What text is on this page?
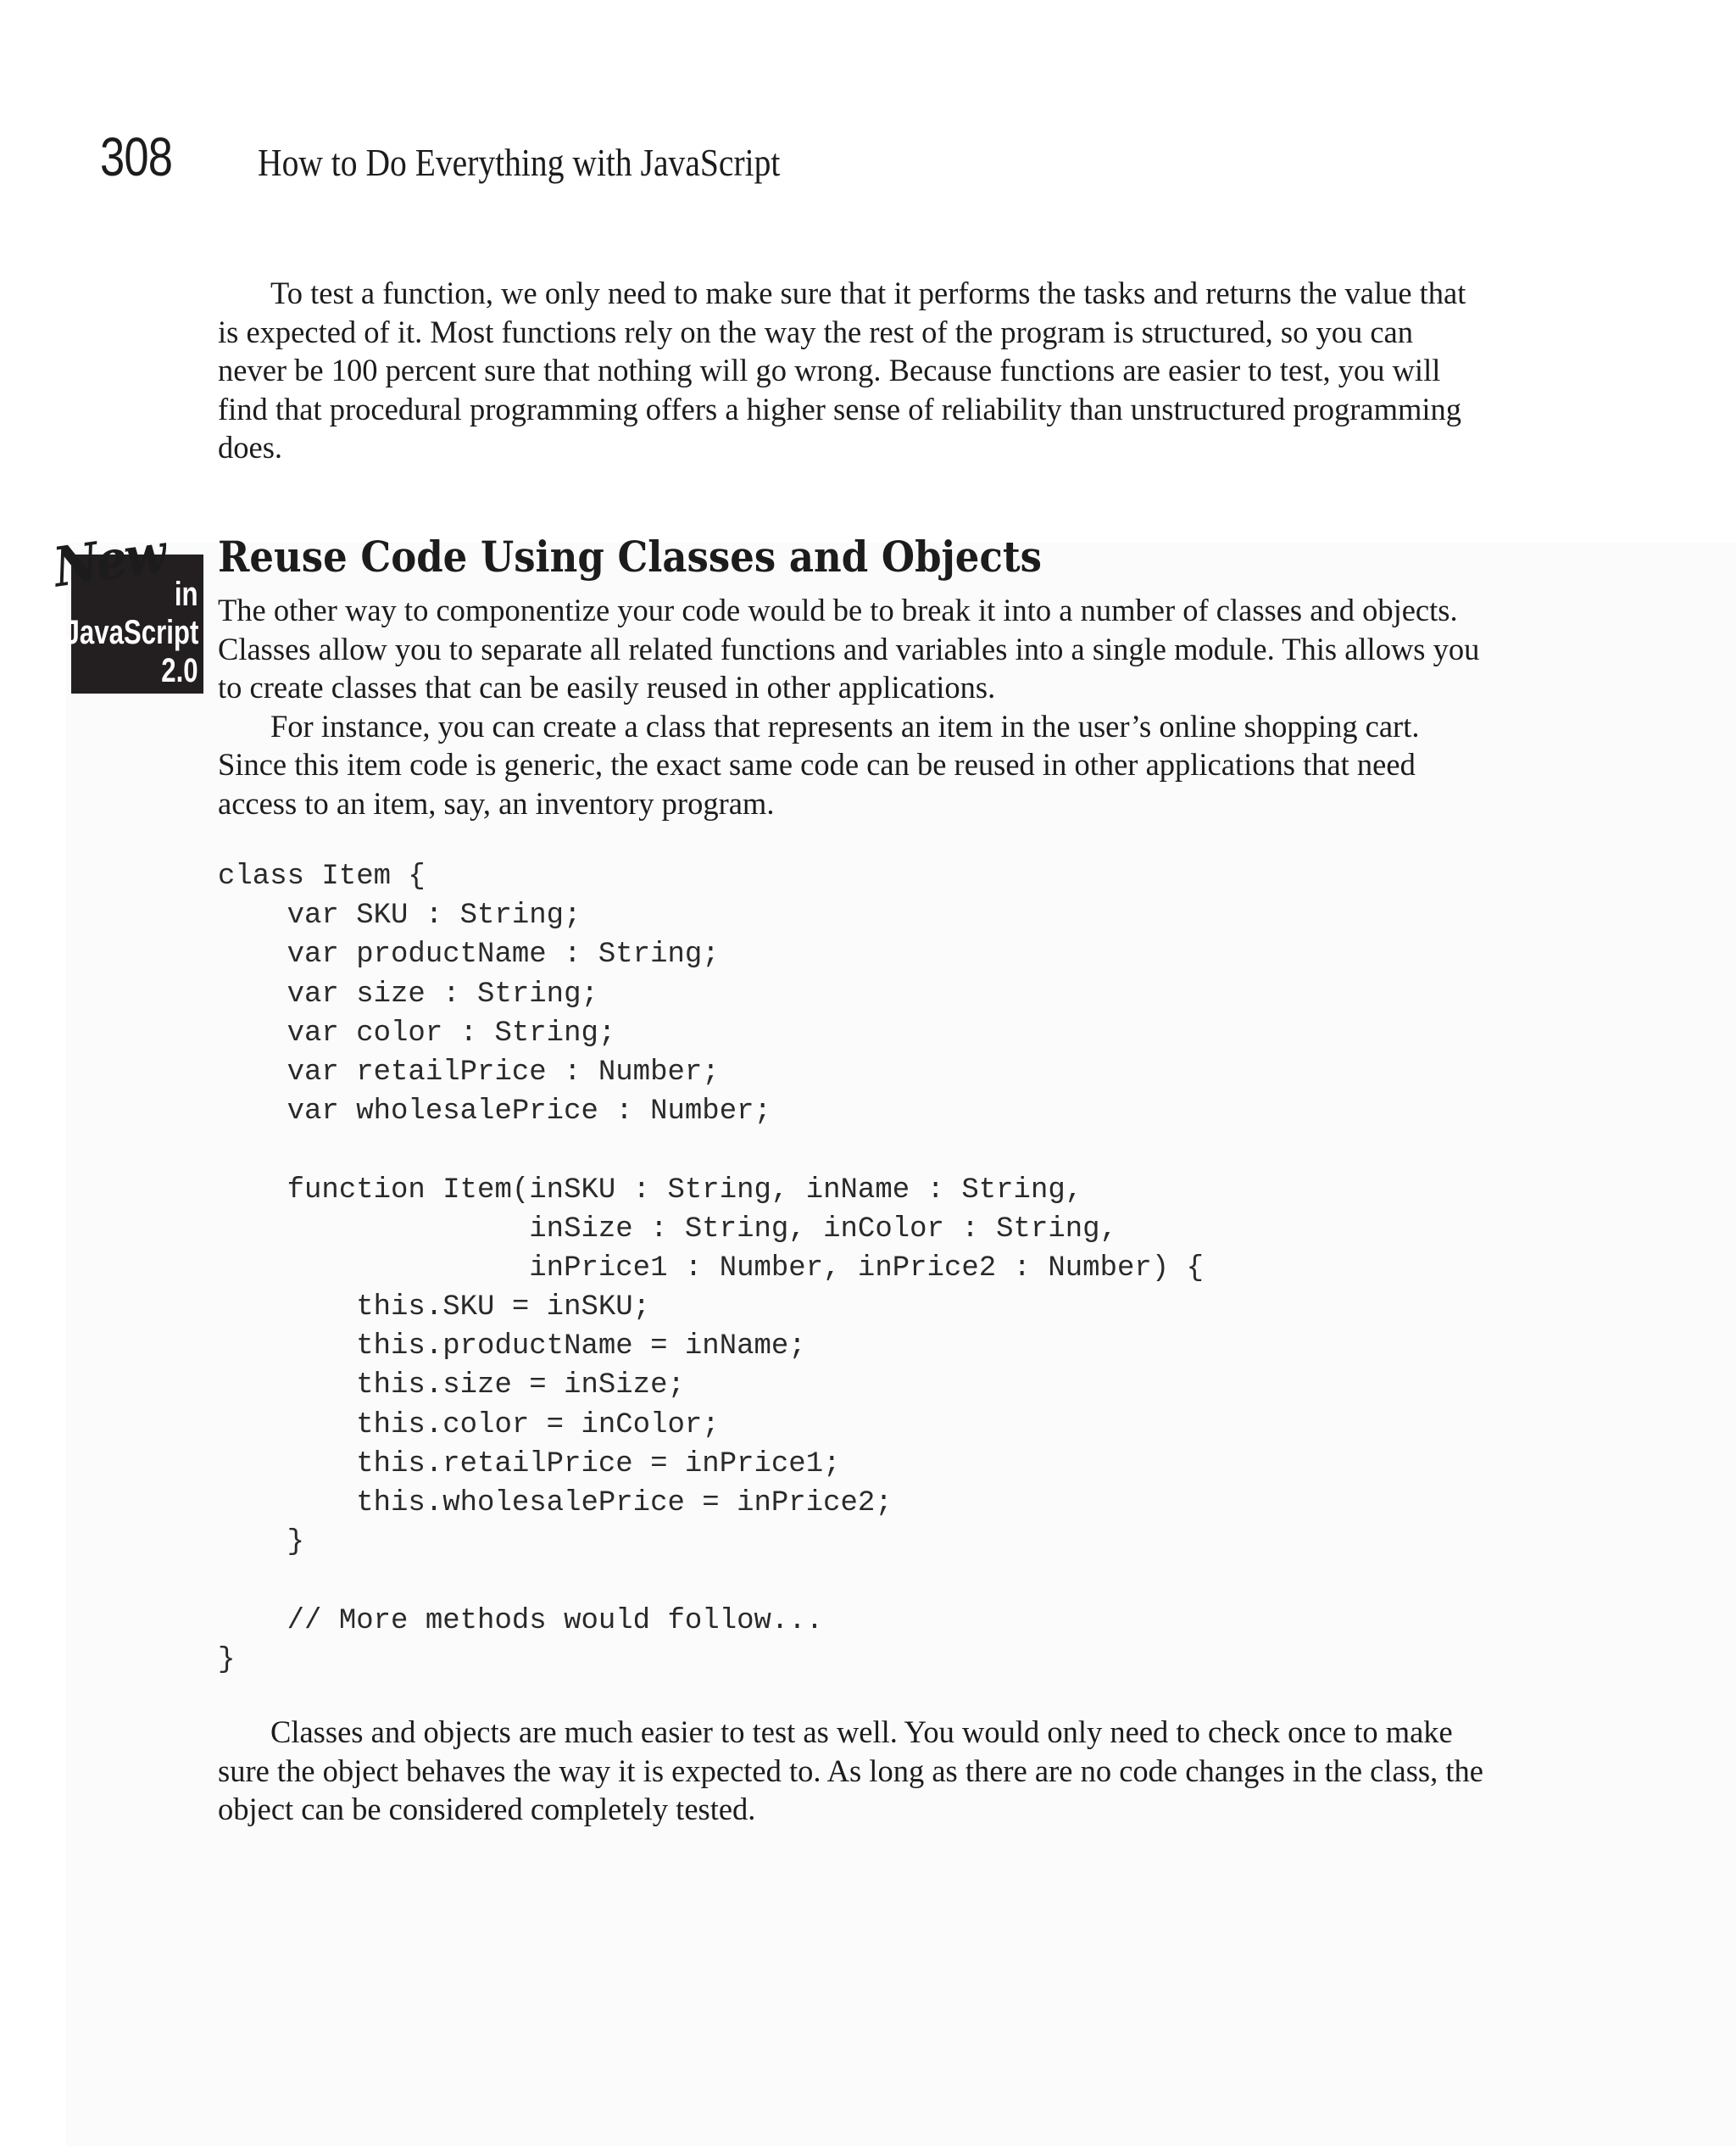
308 How to Do Everything with JavaScript

To test a function, we only need to make sure that it performs the tasks and returns the value that is expected of it. Most functions rely on the way the rest of the program is structured, so you can never be 100 percent sure that nothing will go wrong. Because functions are easier to test, you will find that procedural programming offers a higher sense of reliability than unstructured programming does.

in
JavaScript
2.0
New Reuse Code Using Classes and Objects

The other way to componentize your code would be to break it into a number of classes and objects. Classes allow you to separate all related functions and variables into a single module. This allows you to create classes that can be easily reused in other applications.

For instance, you can create a class that represents an item in the user’s online shopping cart. Since this item code is generic, the exact same code can be reused in other applications that need access to an item, say, an inventory program.

class Item {
var SKU : String;
var productName : String;
var size : String;
var color : String;
var retailPrice : Number;
var wholesalePrice : Number;
function Item(inSKU : String, inName : String,
inSize : String, inColor : String,
inPrice1 : Number, inPrice2 : Number) {
this.SKU = inSKU;
this.productName = inName;
this.size = inSize;
this.color = inColor;
this.retailPrice = inPrice1;
this.wholesalePrice = inPrice2;
}
// More methods would follow...
}

Classes and objects are much easier to test as well. You would only need to check once to make sure the object behaves the way it is expected to. As long as there are no code changes in the class, the object can be considered completely tested.
